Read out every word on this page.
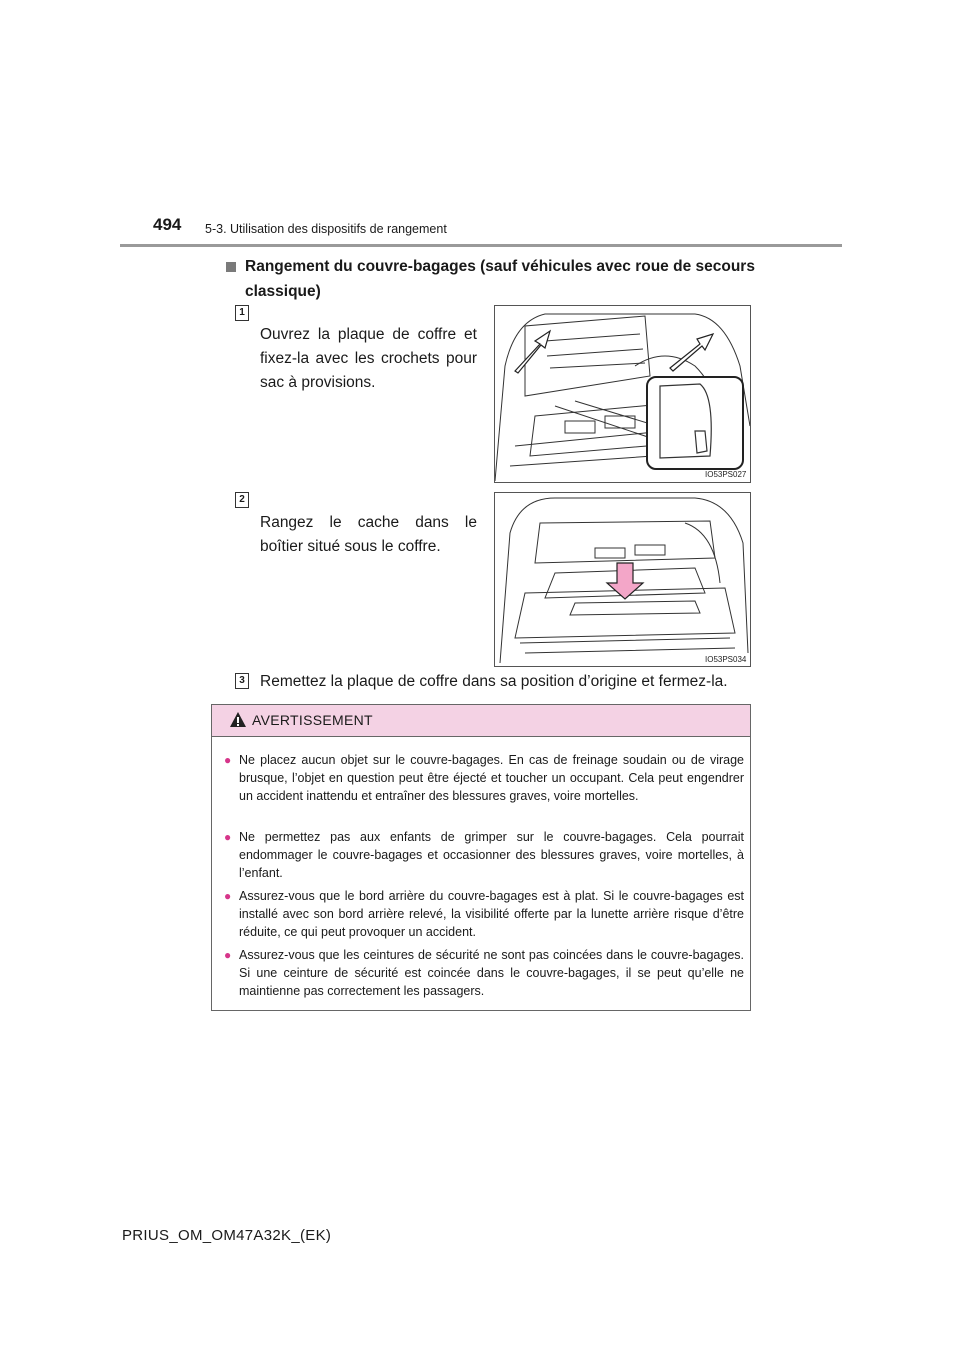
494 5-3. Utilisation des dispositifs de rangement
Rangement du couvre-bagages (sauf véhicules avec roue de secours classique)
1
Ouvrez la plaque de coffre et fixez-la avec les crochets pour sac à provisions.
IO53PS027
2
Rangez le cache dans le boîtier situé sous le coffre.
IO53PS034
3 Remettez la plaque de coffre dans sa position d’origine et fermez-la.
AVERTISSEMENT
● Ne placez aucun objet sur le couvre-bagages. En cas de freinage soudain ou de virage brusque, l’objet en question peut être éjecté et toucher un occupant. Cela peut engendrer un accident inattendu et entraîner des blessures graves, voire mortelles.
● Ne permettez pas aux enfants de grimper sur le couvre-bagages. Cela pourrait endommager le couvre-bagages et occasionner des blessures graves, voire mortelles, à l’enfant.
● Assurez-vous que le bord arrière du couvre-bagages est à plat. Si le couvre-bagages est installé avec son bord arrière relevé, la visibilité offerte par la lunette arrière risque d’être réduite, ce qui peut provoquer un accident.
● Assurez-vous que les ceintures de sécurité ne sont pas coincées dans le couvre-bagages. Si une ceinture de sécurité est coincée dans le couvre-bagages, il se peut qu’elle ne maintienne pas correctement les passagers.
PRIUS_OM_OM47A32K_(EK)
